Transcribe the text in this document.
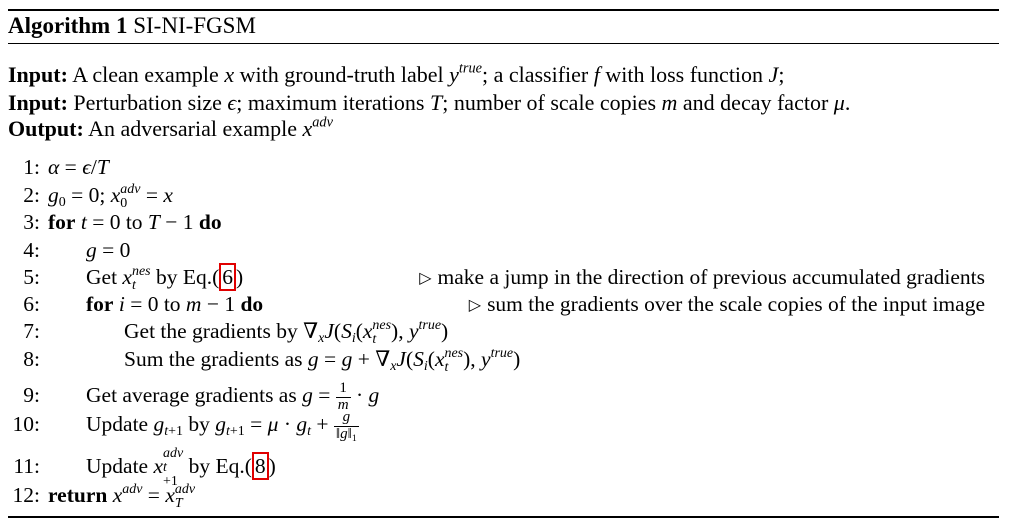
Algorithm 1 SI-NI-FGSM
Input: A clean example x with ground-truth label $y^{true}$; a classifier f with loss function J;
Input: Perturbation size ϵ; maximum iterations T; number of scale copies m and decay factor μ.
Output: An adversarial example $x^{adv}$
1: α = ϵ/T
2: $g_0 = 0$; x adv
0 = x
3: for t = 0 to T − 1 do
4: g = 0
5: Get x nes
t by Eq.( 6 )	▷ make a jump in the direction of previous accumulated gradients
6: for i = 0 to m − 1 do	▷ sum the gradients over the scale copies of the input image
7:	Get the gradients by $\nabla_xJ(S_i(x$ nes
t ), $y^{true}$)
8:	Sum the gradients as $g = g + \nabla_xJ(S_i(x$ nes
t ), $y^{true}$)
9: Get average gradients as $g = \frac{1}{m} \cdot g$
10: Update $g_{t+1}$ by $g_{t+1} = \mu \cdot g_t + \frac{g}{‖g‖_1}$
11: Update x
adv
t
+1
by Eq.( 8 )
12: return $x^{adv} = x$ adv
T
